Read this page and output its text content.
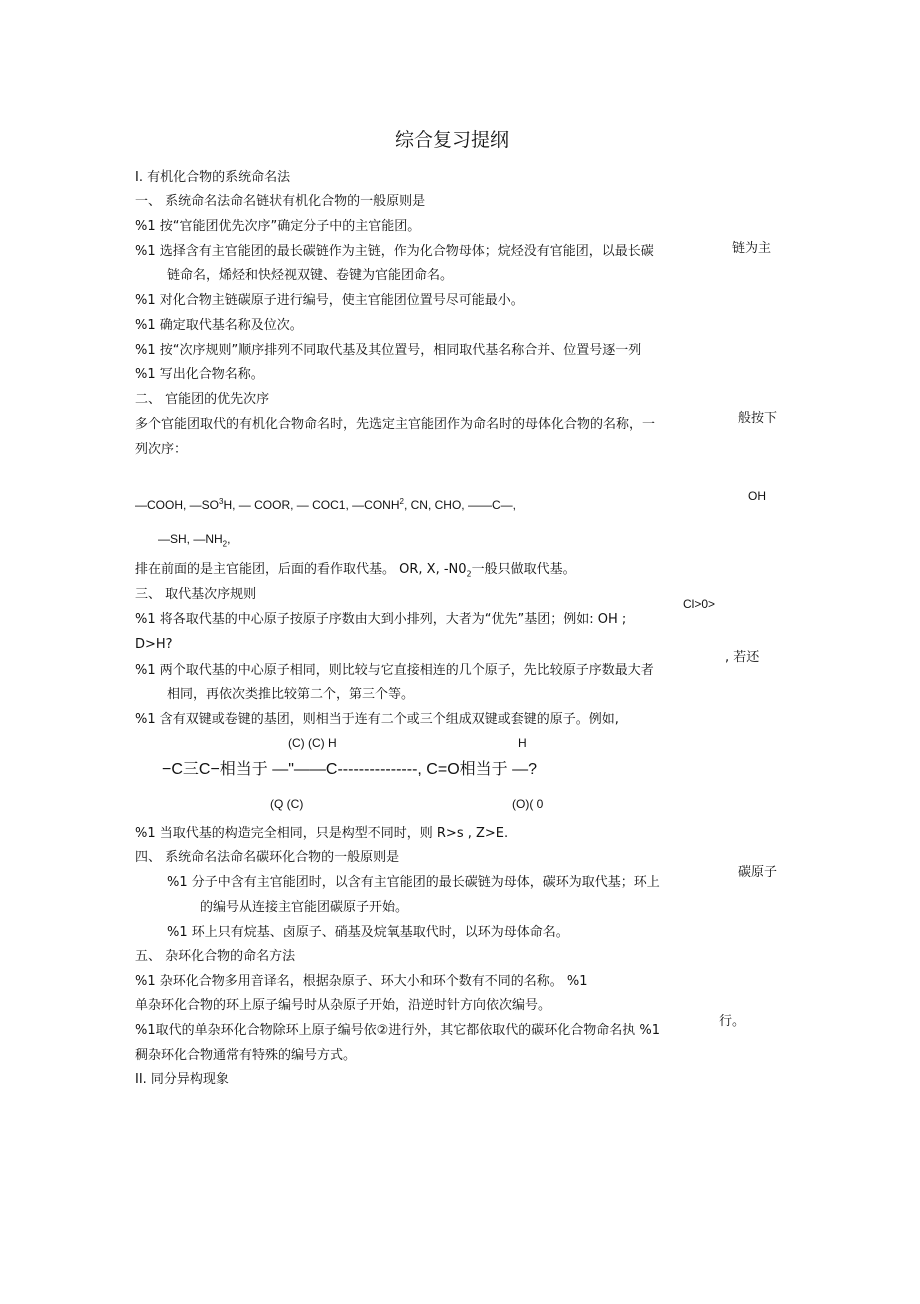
综合复习提纲
I. 有机化合物的系统命名法
一、 系统命名法命名链状有机化合物的一般原则是
%1 按“官能团优先次序”确定分子中的主官能团。
%1 选择含有主官能团的最长碳链作为主链，作为化合物母体；烷烃没有官能团，以最长碳
链命名，烯烃和快烃视双键、卷键为官能团命名。
%1 对化合物主链碳原子进行编号，使主官能团位置号尽可能最小。
%1 确定取代基名称及位次。
%1 按“次序规则”顺序排列不同取代基及其位置号，相同取代基名称合并、位置号逐一列
%1 写出化合物名称。
二、 官能团的优先次序
多个官能团取代的有机化合物命名时，先选定主官能团作为命名时的母体化合物的名称，一
列次序：
—COOH, $—SO^3H$, — COOR, — COC1, —CONH$^2$, CN, CHO, ——C—,
—SH, $—NH_2$,
排在前面的是主官能团，后面的看作取代基。 OR, X, $-N0_2$一般只做取代基。
三、 取代基次序规则
%1 将各取代基的中心原子按原子序数由大到小排列，大者为“优先”基团；例如: OH ;
D>H?
%1 两个取代基的中心原子相同，则比较与它直接相连的几个原子，先比较原子序数最大者
相同，再依次类推比较第二个，第三个等。
%1 含有双键或卷键的基团，则相当于连有二个或三个组成双键或套键的原子。例如,
(C) (C) H	H
−C三C−相当于 —"——C---------------, C=O相当于 —?
(Q (C)	(O)( 0
%1 当取代基的构造完全相同，只是构型不同时，则 R>s , Z>E.
四、 系统命名法命名碳环化合物的一般原则是
%1 分子中含有主官能团时，以含有主官能团的最长碳链为母体，碳环为取代基；环上
的编号从连接主官能团碳原子开始。
%1 环上只有烷基、卤原子、硝基及烷氧基取代时，以环为母体命名。
五、 杂环化合物的命名方法
%1 杂环化合物多用音译名，根据杂原子、环大小和环个数有不同的名称。 %1
单杂环化合物的环上原子编号时从杂原子开始，沿逆时针方向依次编号。
%1取代的单杂环化合物除环上原子编号依②进行外，其它都依取代的碳环化合物命名执 %1
稠杂环化合物通常有特殊的编号方式。
II. 同分异构现象
链为主
般按下
OH
Cl>0>
, 若还
碳原子
行。
